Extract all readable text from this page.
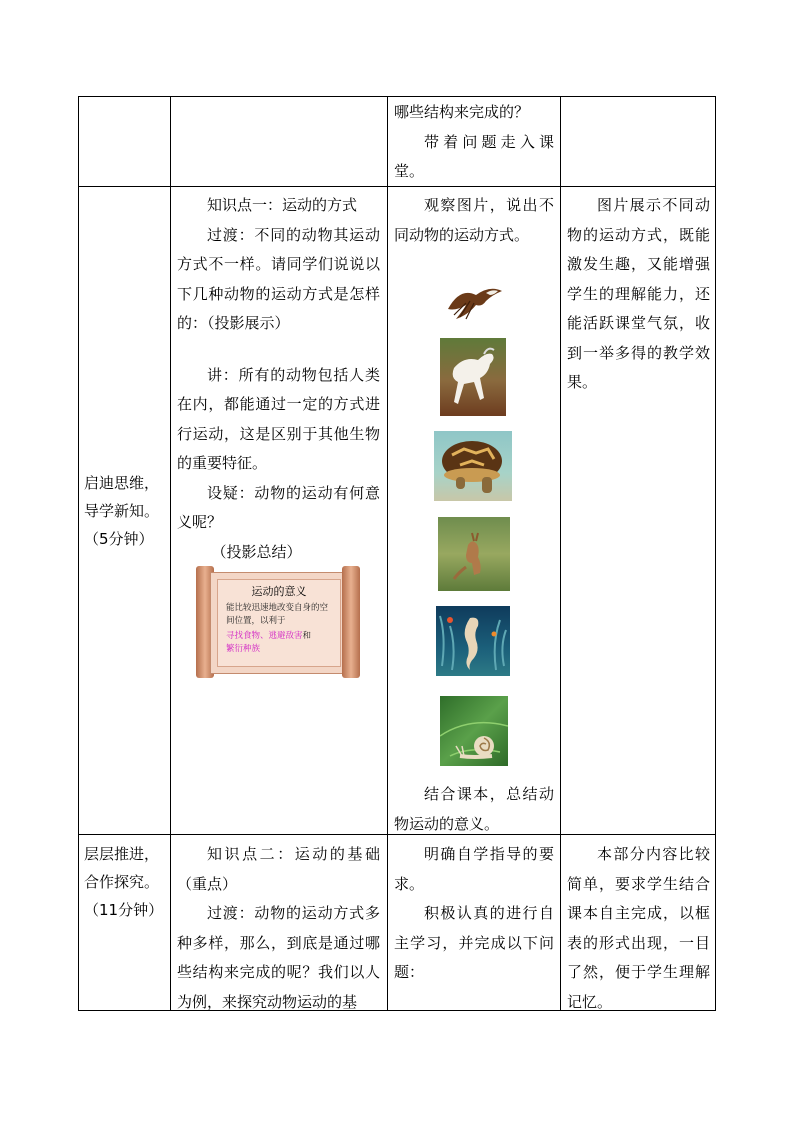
哪些结构来完成的？

带着问题走入课堂。

启迪思维，导学新知。（5分钟）

知识点一：运动的方式

过渡：不同的动物其运动方式不一样。请同学们说说以下几种动物的运动方式是怎样的：（投影展示）

讲：所有的动物包括人类在内，都能通过一定的方式进行运动，这是区别于其他生物的重要特征。

设疑：动物的运动有何意义呢？

（投影总结）

运动的意义
能比较迅速地改变自身的空间位置，以利于
寻找食物、逃避敌害和
繁衍种族

观察图片，说出不同动物的运动方式。

结合课本，总结动物运动的意义。

图片展示不同动物的运动方式，既能激发生趣，又能增强学生的理解能力，还能活跃课堂气氛，收到一举多得的教学效果。

层层推进，合作探究。（11分钟）

知识点二：运动的基础（重点）

过渡：动物的运动方式多种多样，那么，到底是通过哪些结构来完成的呢？我们以人为例，来探究动物运动的基

明确自学指导的要求。

积极认真的进行自主学习，并完成以下问题：

本部分内容比较简单，要求学生结合课本自主完成，以框表的形式出现，一目了然，便于学生理解记忆。
